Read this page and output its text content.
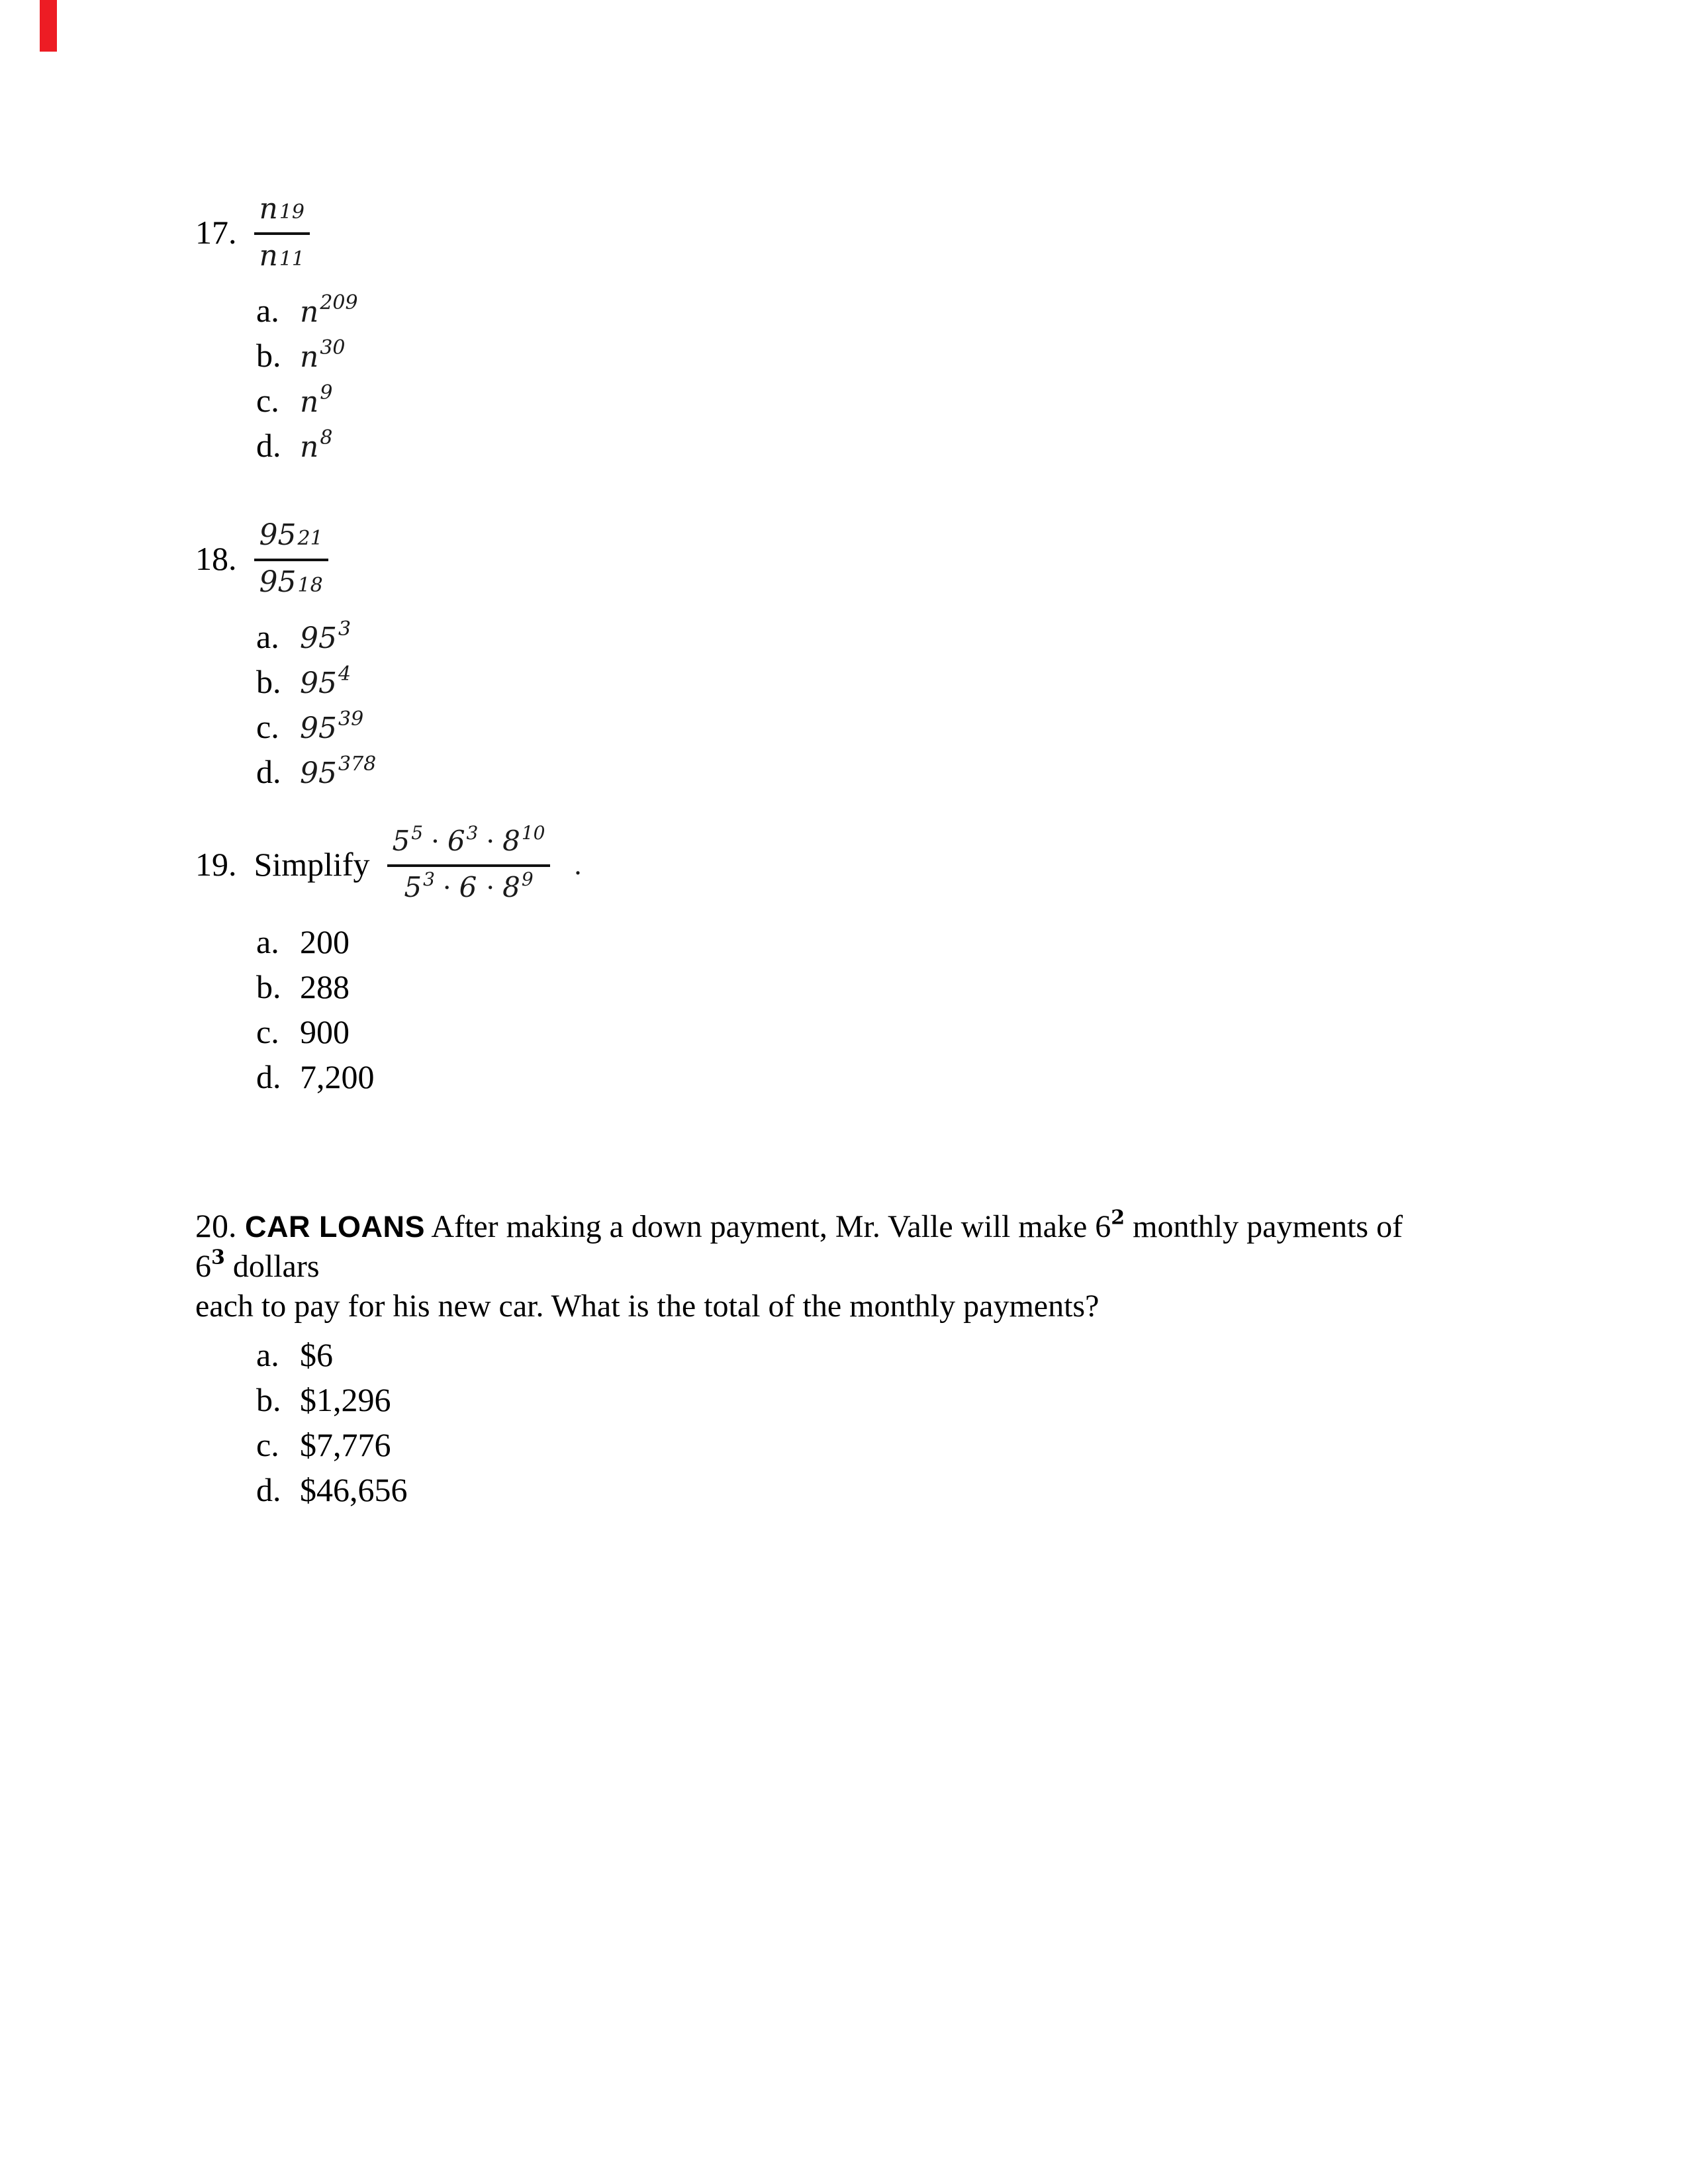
17. $\frac{n 19}{n 11}$
a. $n^{209}$
b. $n^{30}$
c. $n^9$
d. $n^8$
18. $\frac{95 21}{95 18}$
a. $95^3$
b. $95^4$
c. $95^{39}$
d. $95^{378}$
19. Simplify
$5^5 \cdot 6^3 \cdot 8^{10}$
$5^3 \cdot 6 \cdot 8^9$ .
a. 200
b. 288
c. 900
d. 7,200

20. CAR LOANS After making a down payment, Mr. Valle will make $6^2$ monthly payments of $6^3$ dollars
each to pay for his new car. What is the total of the monthly payments?

a. $6
b. $1,296
c. $7,776
d. $46,656
